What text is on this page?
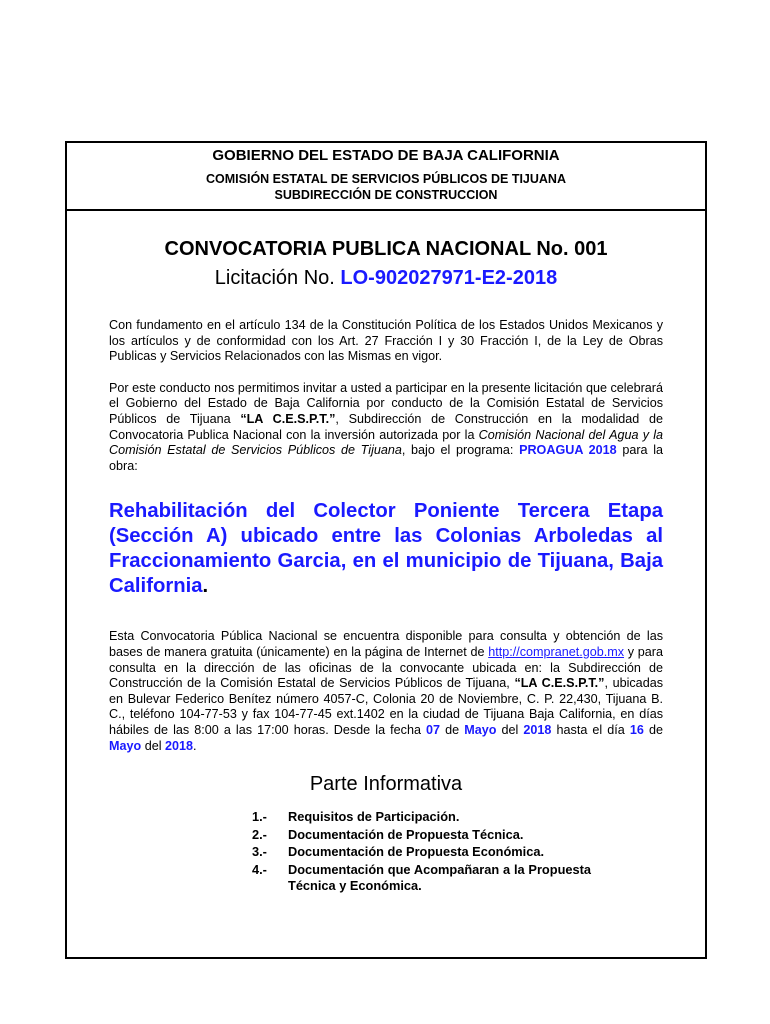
GOBIERNO DEL ESTADO DE BAJA CALIFORNIA
COMISIÓN ESTATAL DE SERVICIOS PÚBLICOS DE TIJUANA
SUBDIRECCIÓN DE CONSTRUCCION
CONVOCATORIA PUBLICA NACIONAL No. 001
Licitación No. LO-902027971-E2-2018

Con fundamento en el artículo 134 de la Constitución Política de los Estados Unidos Mexicanos y los artículos y de conformidad con los Art. 27 Fracción I y 30 Fracción I, de la Ley de Obras Publicas y Servicios Relacionados con las Mismas en vigor.

Por este conducto nos permitimos invitar a usted a participar en la presente licitación que celebrará el Gobierno del Estado de Baja California por conducto de la Comisión Estatal de Servicios Públicos de Tijuana “LA C.E.S.P.T.”, Subdirección de Construcción en la modalidad de Convocatoria Publica Nacional con la inversión autorizada por la Comisión Nacional del Agua y la Comisión Estatal de Servicios Públicos de Tijuana, bajo el programa: PROAGUA 2018 para la obra:

Rehabilitación del Colector Poniente Tercera Etapa (Sección A) ubicado entre las Colonias Arboledas al Fraccionamiento Garcia, en el municipio de Tijuana, Baja California.

Esta Convocatoria Pública Nacional se encuentra disponible para consulta y obtención de las bases de manera gratuita (únicamente) en la página de Internet de http://compranet.gob.mx y para consulta en la dirección de las oficinas de la convocante ubicada en: la Subdirección de Construcción de la Comisión Estatal de Servicios Públicos de Tijuana, “LA C.E.S.P.T.”, ubicadas en Bulevar Federico Benítez número 4057-C, Colonia 20 de Noviembre, C. P. 22,430, Tijuana B. C., teléfono 104-77-53 y fax 104-77-45 ext.1402 en la ciudad de Tijuana Baja California, en días hábiles de las 8:00 a las 17:00 horas. Desde la fecha 07 de Mayo del 2018 hasta el día 16 de Mayo del 2018.

Parte Informativa
1.-	Requisitos de Participación.
2.-	Documentación de Propuesta Técnica.
3.-	Documentación de Propuesta Económica.
4.-	Documentación que Acompañaran a la Propuesta Técnica y Económica.
